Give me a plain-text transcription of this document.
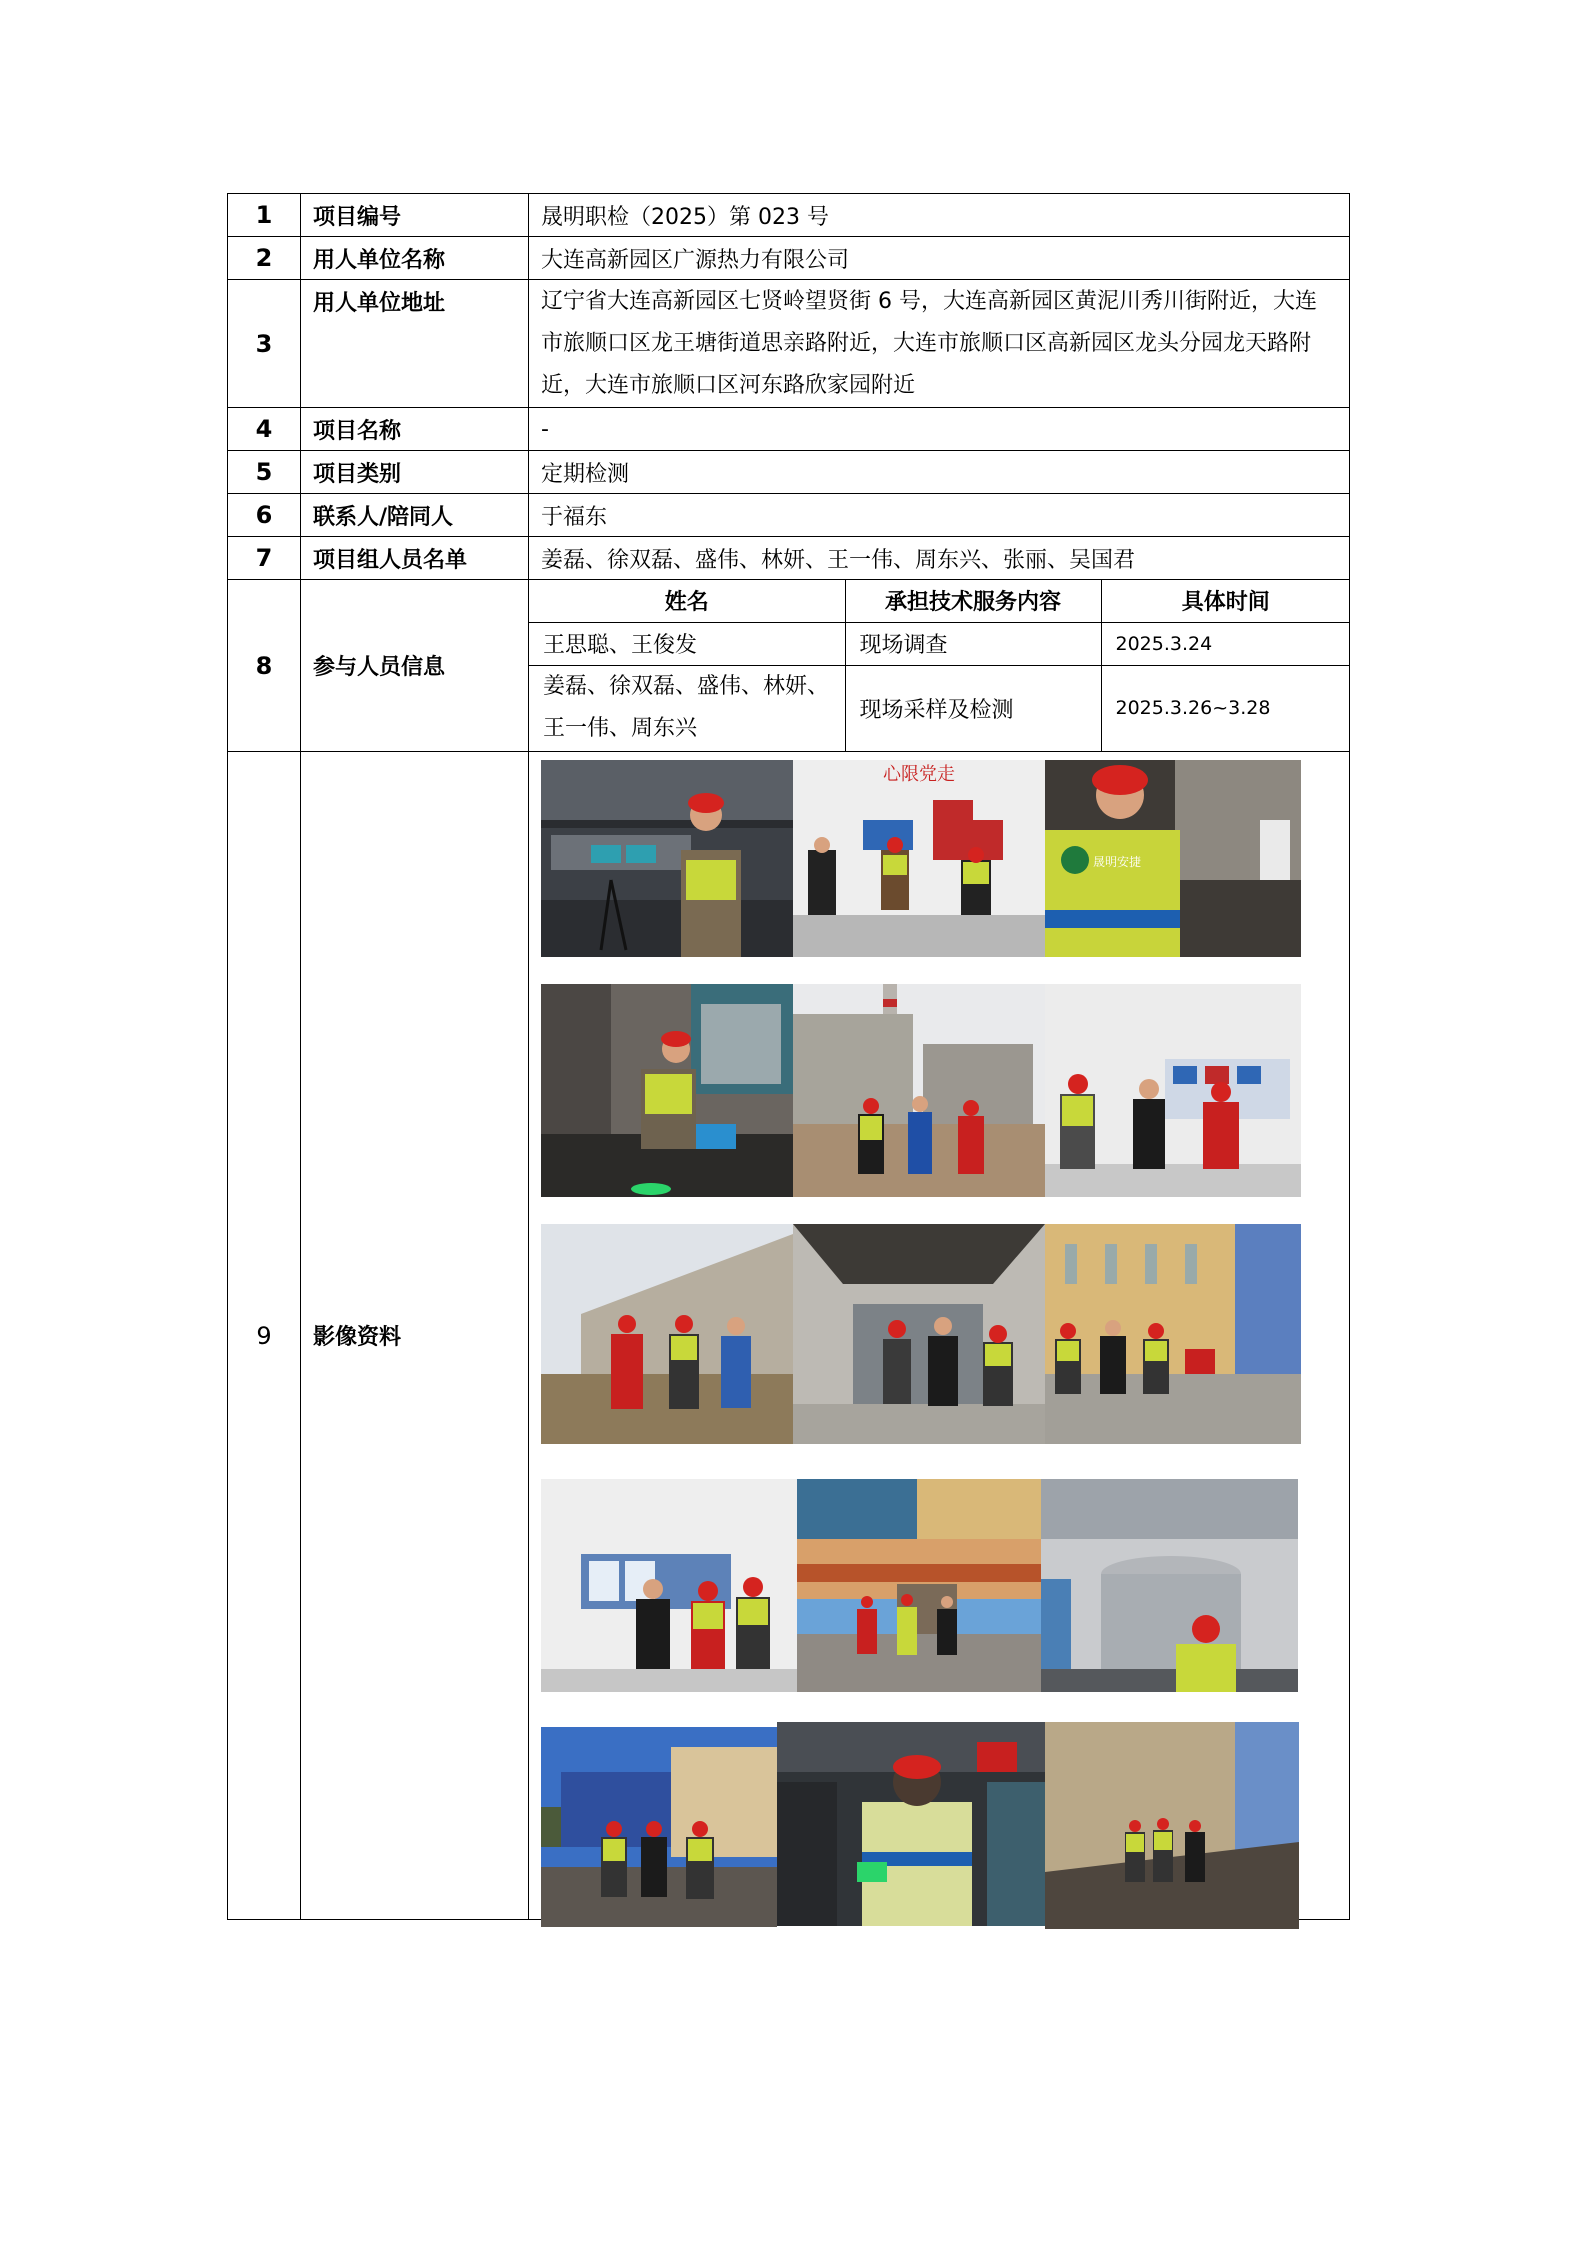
1	项目编号	晟明职检（2025）第 023 号
2	用人单位名称	大连高新园区广源热力有限公司
3	用人单位地址	辽宁省大连高新园区七贤岭望贤街 6 号，大连高新园区黄泥川秀川街附近，大连市旅顺口区龙王塘街道思亲路附近，大连市旅顺口区高新园区龙头分园龙天路附近，大连市旅顺口区河东路欣家园附近
4	项目名称	-
5	项目类别	定期检测
6	联系人/陪同人	于福东
7	项目组人员名单	姜磊、徐双磊、盛伟、林妍、王一伟、周东兴、张丽、吴国君
8	参与人员信息	
姓名	承担技术服务内容	具体时间
王思聪、王俊发	现场调查	2025.3.24
姜磊、徐双磊、盛伟、林妍、王一伟、周东兴	现场采样及检测	2025.3.26~3.28

9	影像资料	
心限党走
晟明安捷
